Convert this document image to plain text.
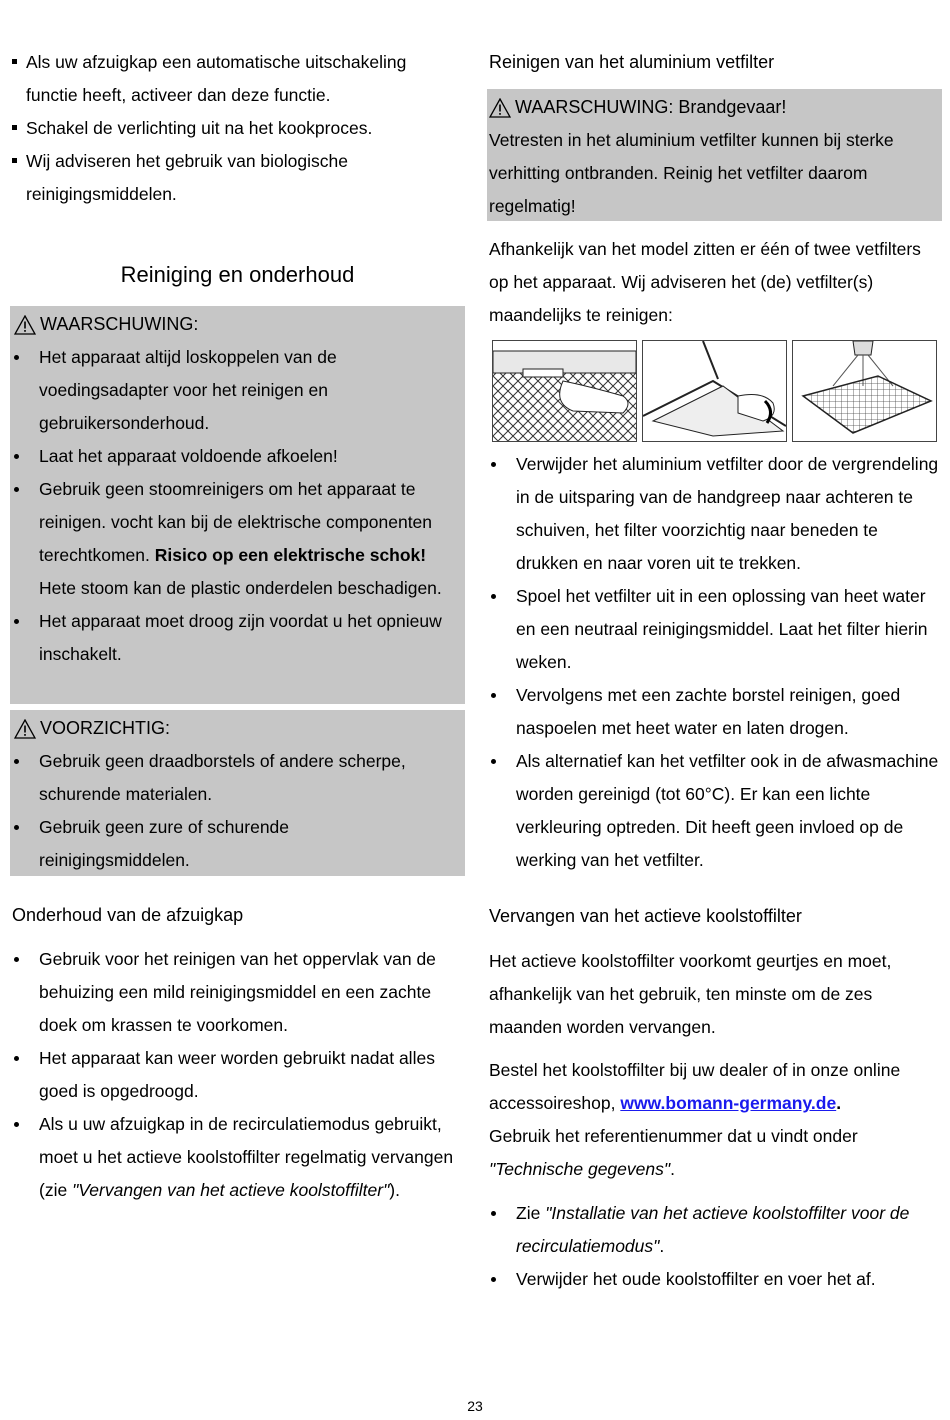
Als uw afzuigkap een automatische uitschakeling functie heeft, activeer dan deze functie.
Schakel de verlichting uit na het kookproces.
Wij adviseren het gebruik van biologische reinigingsmiddelen.
Reiniging en onderhoud
WAARSCHUWING:
Het apparaat altijd loskoppelen van de voedingsadapter voor het reinigen en gebruikersonderhoud.
Laat het apparaat voldoende afkoelen!
Gebruik geen stoomreinigers om het apparaat te reinigen. vocht kan bij de elektrische componenten terechtkomen. Risico op een elektrische schok! Hete stoom kan de plastic onderdelen beschadigen.
Het apparaat moet droog zijn voordat u het opnieuw inschakelt.
VOORZICHTIG:
Gebruik geen draadborstels of andere scherpe, schurende materialen.
Gebruik geen zure of schurende reinigingsmiddelen.
Onderhoud van de afzuigkap
Gebruik voor het reinigen van het oppervlak van de behuizing een mild reinigingsmiddel en een zachte doek om krassen te voorkomen.
Het apparaat kan weer worden gebruikt nadat alles goed is opgedroogd.
Als u uw afzuigkap in de recirculatiemodus gebruikt, moet u het actieve koolstoffilter regelmatig vervangen (zie "Vervangen van het actieve koolstoffilter").
Reinigen van het aluminium vetfilter
WAARSCHUWING: Brandgevaar!

Vetresten in het aluminium vetfilter kunnen bij sterke verhitting ontbranden. Reinig het vetfilter daarom regelmatig!

Afhankelijk van het model zitten er één of twee vetfilters op het apparaat. Wij adviseren het (de) vetfilter(s) maandelijks te reinigen:

Verwijder het aluminium vetfilter door de vergrendeling in de uitsparing van de handgreep naar achteren te schuiven, het filter voorzichtig naar beneden te drukken en naar voren uit te trekken.
Spoel het vetfilter uit in een oplossing van heet water en een neutraal reinigingsmiddel. Laat het filter hierin weken.
Vervolgens met een zachte borstel reinigen, goed naspoelen met heet water en laten drogen.
Als alternatief kan het vetfilter ook in de afwasmachine worden gereinigd (tot 60°C). Er kan een lichte verkleuring optreden. Dit heeft geen invloed op de werking van het vetfilter.
Vervangen van het actieve koolstoffilter

Het actieve koolstoffilter voorkomt geurtjes en moet, afhankelijk van het gebruik, ten minste om de zes maanden worden vervangen.

Bestel het koolstoffilter bij uw dealer of in onze online accessoireshop, www.bomann-germany.de.
Gebruik het referentienummer dat u vindt onder
"Technische gegevens".

Zie "Installatie van het actieve koolstoffilter voor de recirculatiemodus".
Verwijder het oude koolstoffilter en voer het af.
23
